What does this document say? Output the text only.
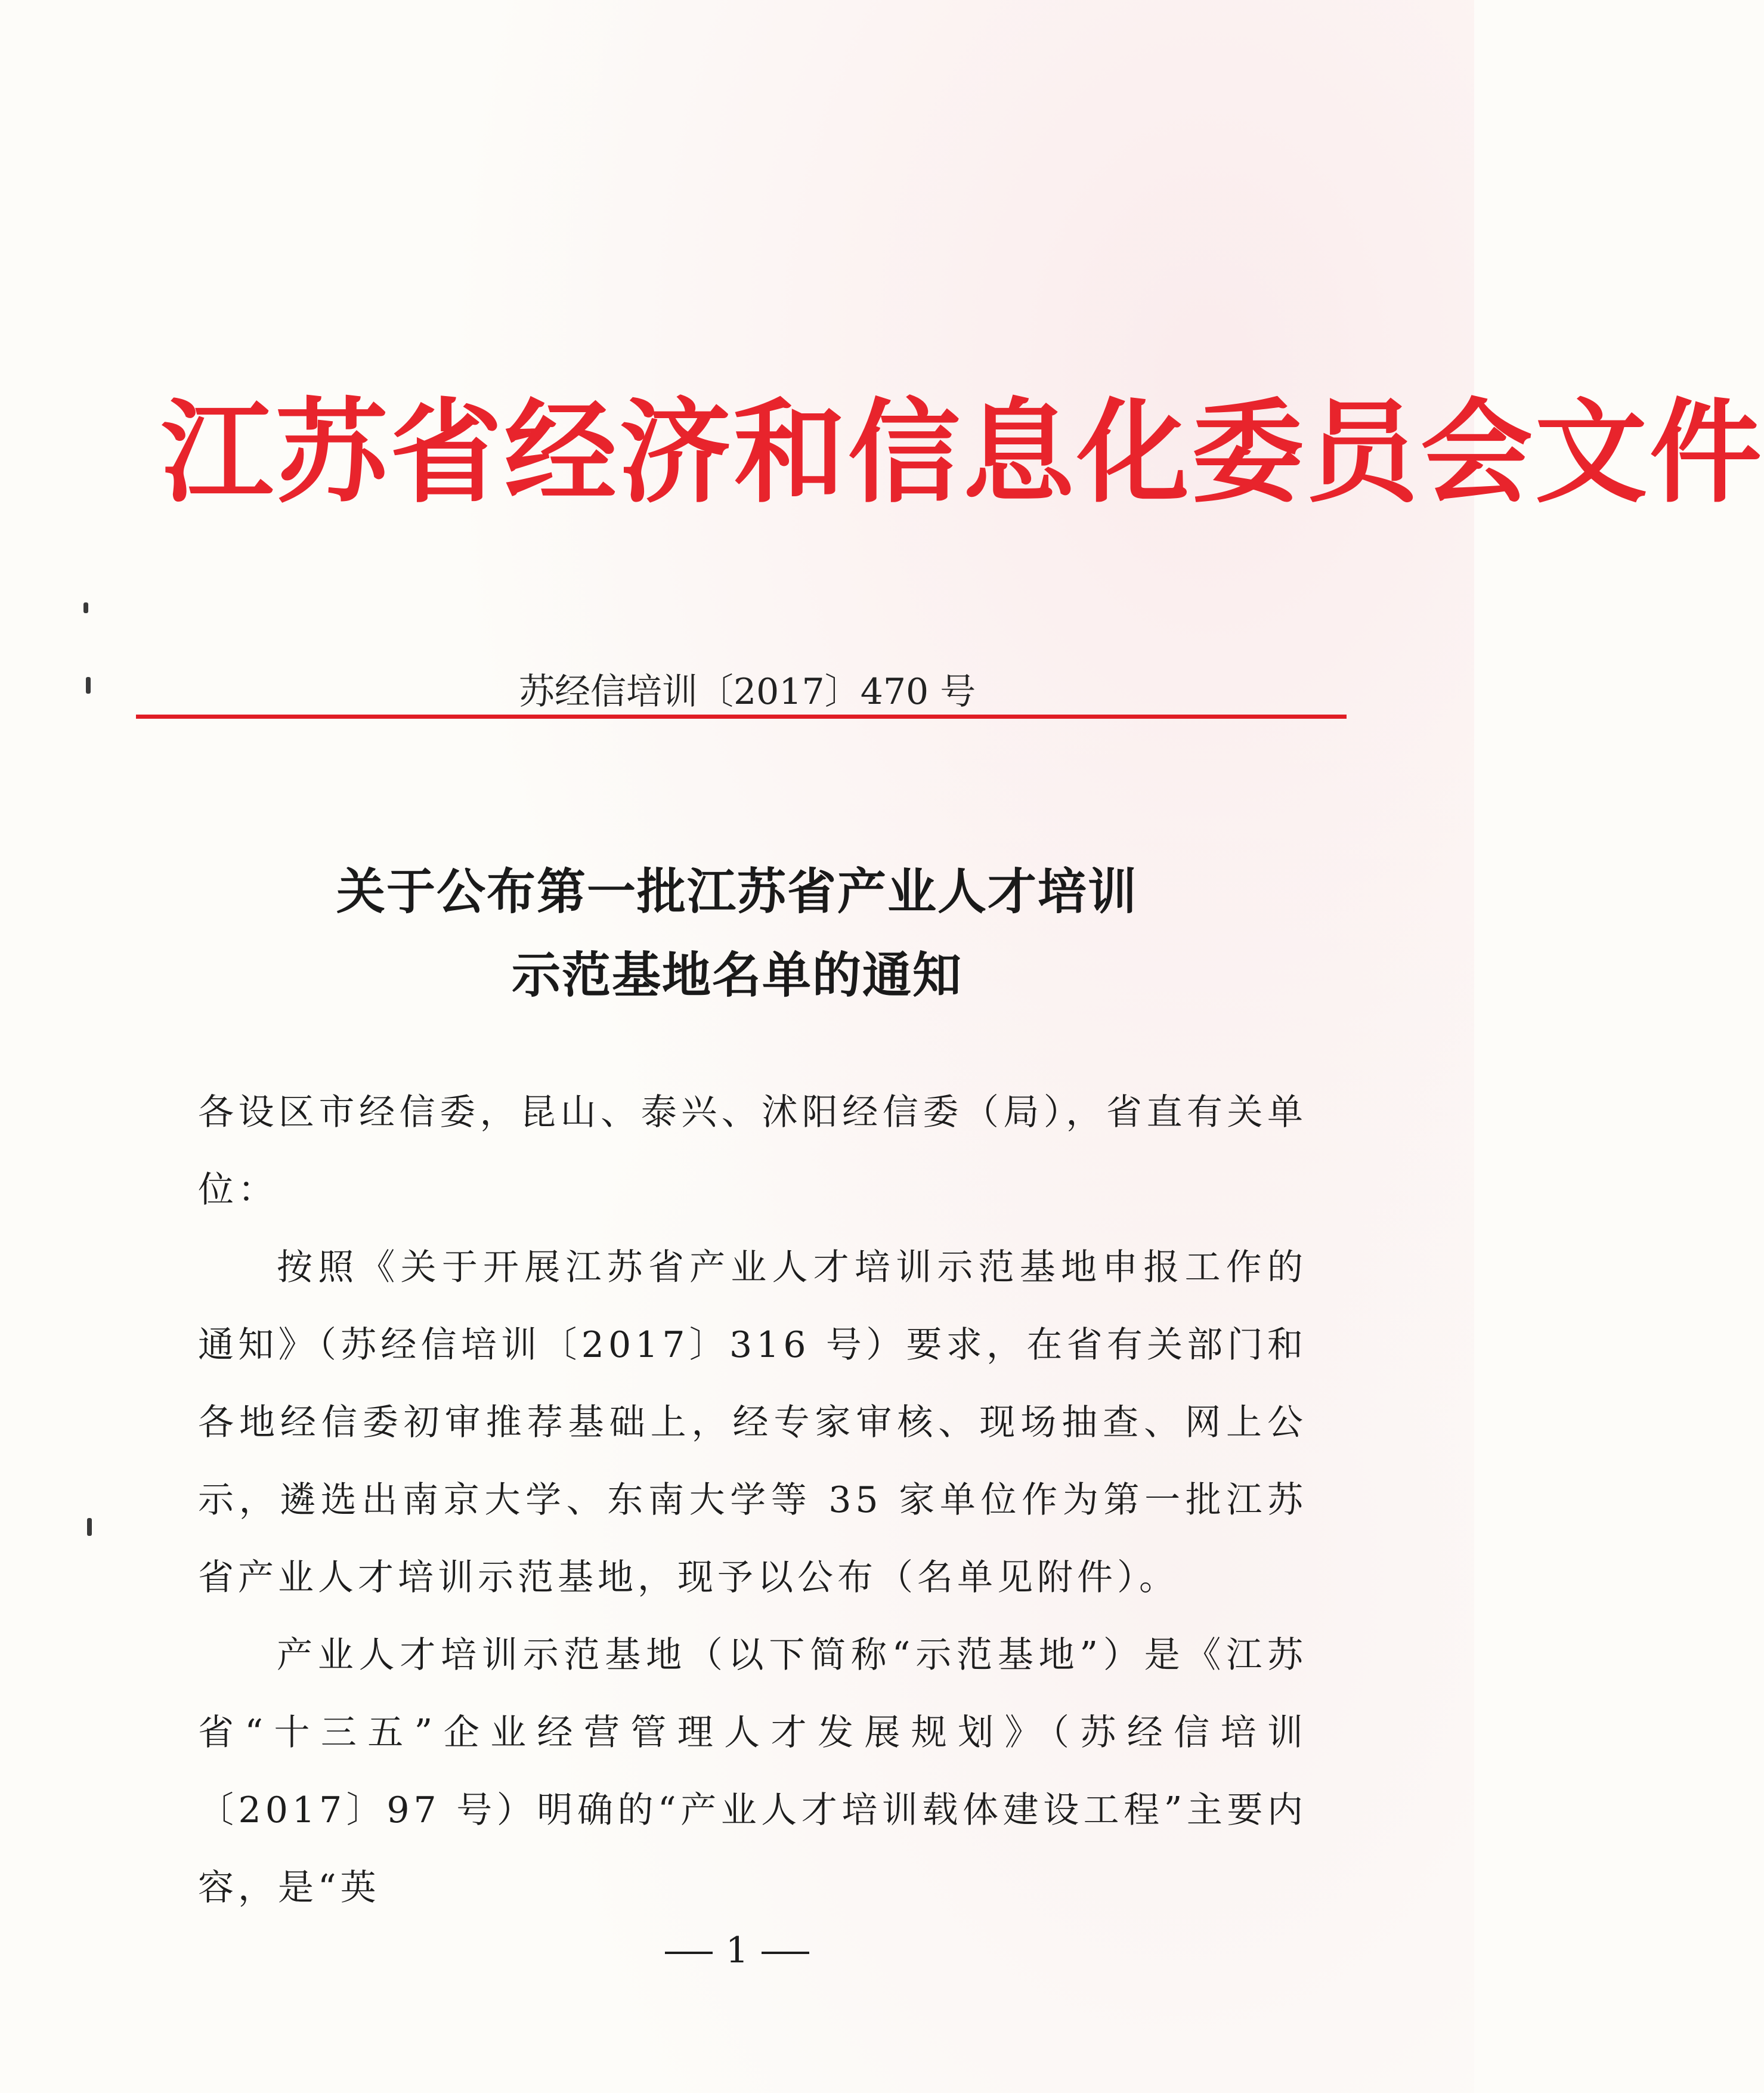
江苏省经济和信息化委员会文件
苏经信培训〔2017〕470 号
关于公布第一批江苏省产业人才培训
示范基地名单的通知

各设区市经信委，昆山、泰兴、沭阳经信委（局），省直有关单位：

按照《关于开展江苏省产业人才培训示范基地申报工作的通知》（苏经信培训〔2017〕316 号）要求，在省有关部门和各地经信委初审推荐基础上，经专家审核、现场抽查、网上公示，遴选出南京大学、东南大学等 35 家单位作为第一批江苏省产业人才培训示范基地，现予以公布（名单见附件）。

产业人才培训示范基地（以下简称“示范基地”）是《江苏省“十三五”企业经营管理人才发展规划》（苏经信培训〔2017〕97 号）明确的“产业人才培训载体建设工程”主要内容，是“英

1
